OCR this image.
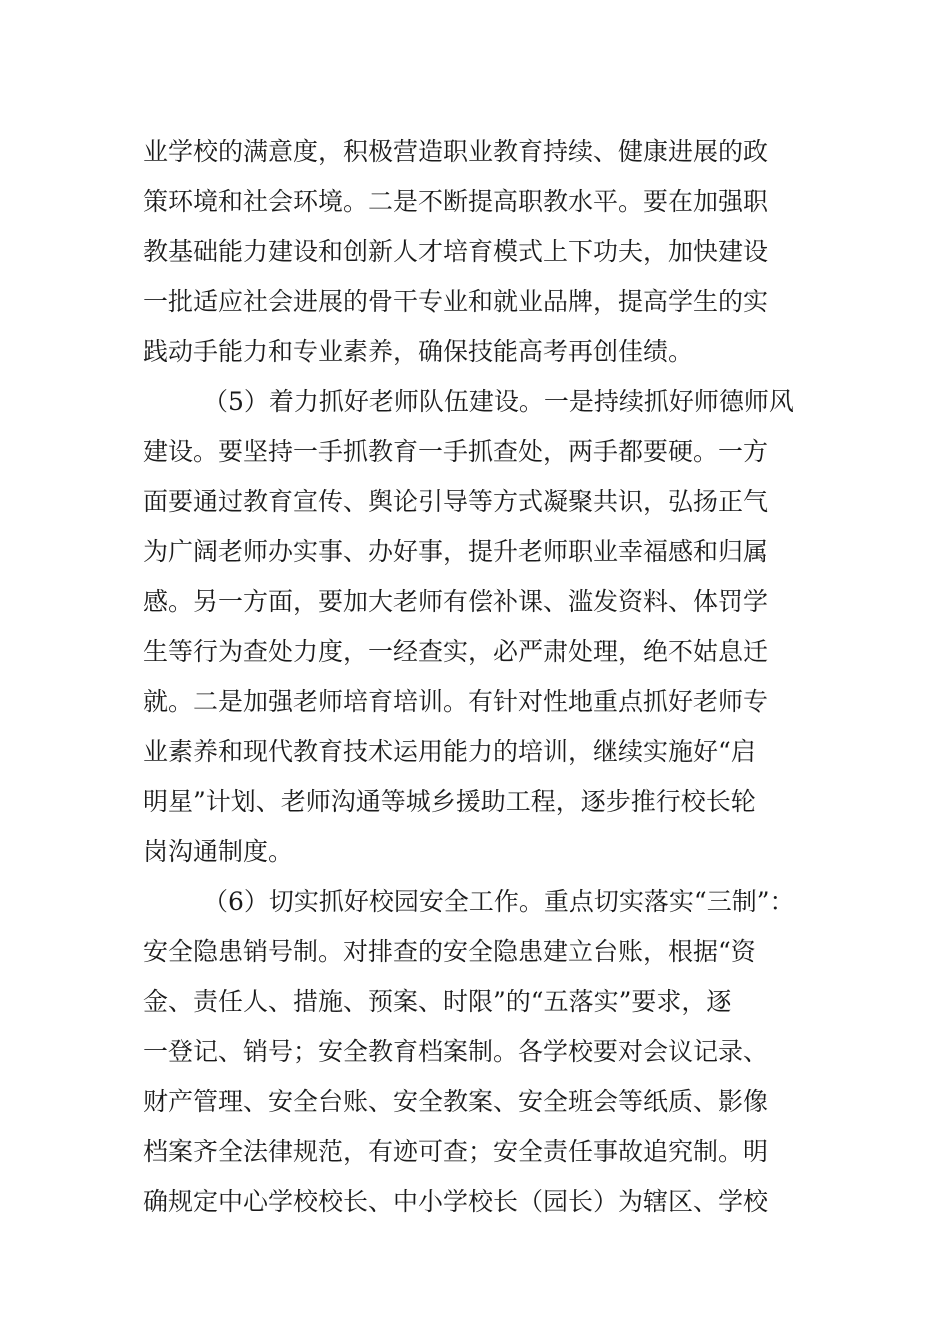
业学校的满意度，积极营造职业教育持续、健康进展的政
策环境和社会环境。二是不断提高职教水平。要在加强职
教基础能力建设和创新人才培育模式上下功夫，加快建设
一批适应社会进展的骨干专业和就业品牌，提高学生的实
践动手能力和专业素养，确保技能高考再创佳绩。
（5）着力抓好老师队伍建设。一是持续抓好师德师风
建设。要坚持一手抓教育一手抓查处，两手都要硬。一方
面要通过教育宣传、舆论引导等方式凝聚共识，弘扬正气
为广阔老师办实事、办好事，提升老师职业幸福感和归属
感。另一方面，要加大老师有偿补课、滥发资料、体罚学
生等行为查处力度，一经查实，必严肃处理，绝不姑息迁
就。二是加强老师培育培训。有针对性地重点抓好老师专
业素养和现代教育技术运用能力的培训，继续实施好“启
明星”计划、老师沟通等城乡援助工程，逐步推行校长轮
岗沟通制度。
（6）切实抓好校园安全工作。重点切实落实“三制”：
安全隐患销号制。对排查的安全隐患建立台账，根据“资
金、责任人、措施、预案、时限”的“五落实”要求，逐
一登记、销号；安全教育档案制。各学校要对会议记录、
财产管理、安全台账、安全教案、安全班会等纸质、影像
档案齐全法律规范，有迹可查；安全责任事故追究制。明
确规定中心学校校长、中小学校长（园长）为辖区、学校
